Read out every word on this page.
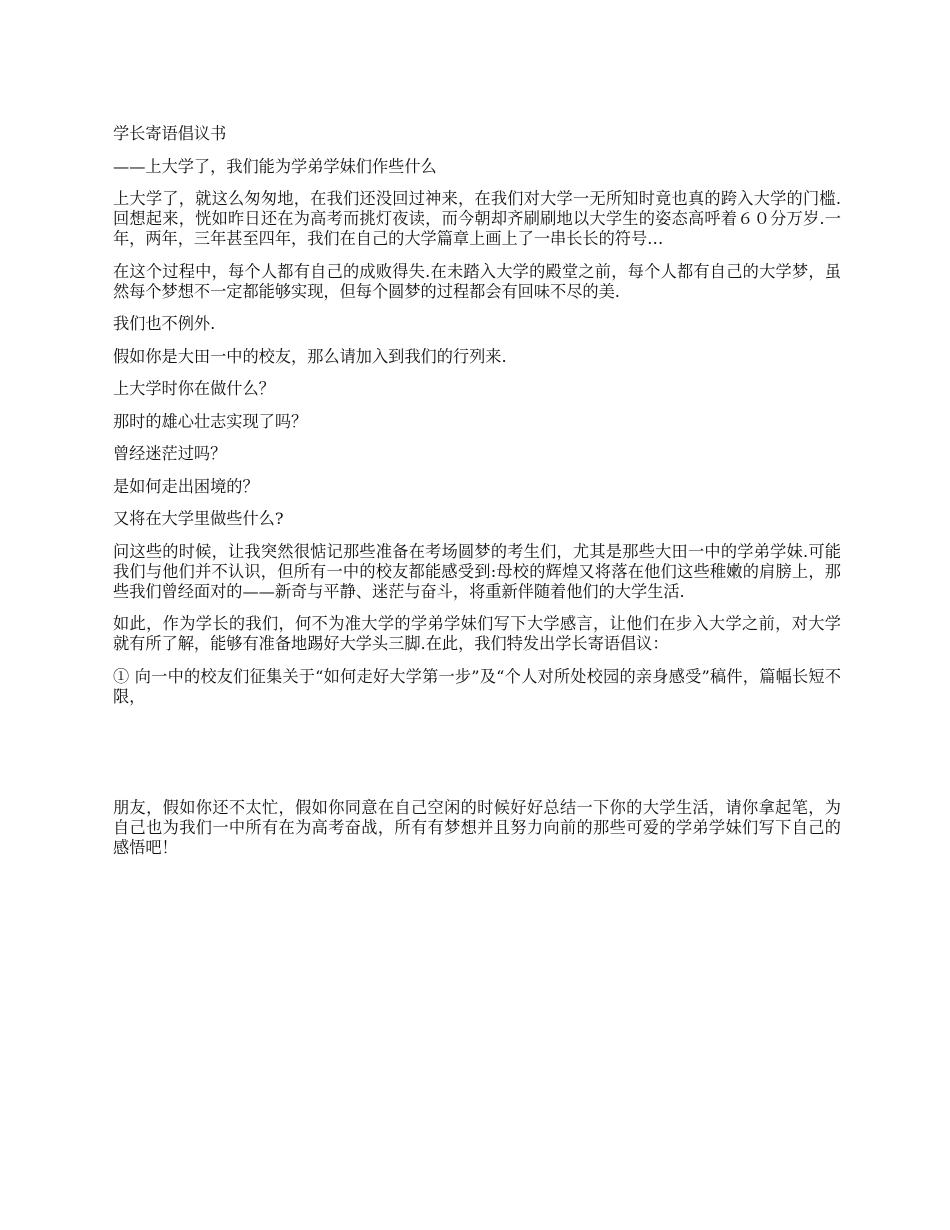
学长寄语倡议书

——上大学了，我们能为学弟学妹们作些什么

上大学了，就这么匆匆地，在我们还没回过神来，在我们对大学一无所知时竟也真的跨入大学的门槛.回想起来，恍如昨日还在为高考而挑灯夜读，而今朝却齐刷刷地以大学生的姿态高呼着６０分万岁.一年，两年，三年甚至四年，我们在自己的大学篇章上画上了一串长长的符号…

在这个过程中，每个人都有自己的成败得失.在未踏入大学的殿堂之前，每个人都有自己的大学梦，虽然每个梦想不一定都能够实现，但每个圆梦的过程都会有回味不尽的美.

我们也不例外.

假如你是大田一中的校友，那么请加入到我们的行列来.

上大学时你在做什么？

那时的雄心壮志实现了吗？

曾经迷茫过吗？

是如何走出困境的？

又将在大学里做些什么?

问这些的时候，让我突然很惦记那些准备在考场圆梦的考生们，尤其是那些大田一中的学弟学妹.可能我们与他们并不认识，但所有一中的校友都能感受到:母校的辉煌又将落在他们这些稚嫩的肩膀上，那些我们曾经面对的——新奇与平静、迷茫与奋斗，将重新伴随着他们的大学生活.

如此，作为学长的我们，何不为准大学的学弟学妹们写下大学感言，让他们在步入大学之前，对大学就有所了解，能够有准备地踢好大学头三脚.在此，我们特发出学长寄语倡议：

① 向一中的校友们征集关于“如何走好大学第一步”及“个人对所处校园的亲身感受”稿件，篇幅长短不限，

朋友，假如你还不太忙，假如你同意在自己空闲的时候好好总结一下你的大学生活，请你拿起笔，为自己也为我们一中所有在为高考奋战，所有有梦想并且努力向前的那些可爱的学弟学妹们写下自己的感悟吧！
